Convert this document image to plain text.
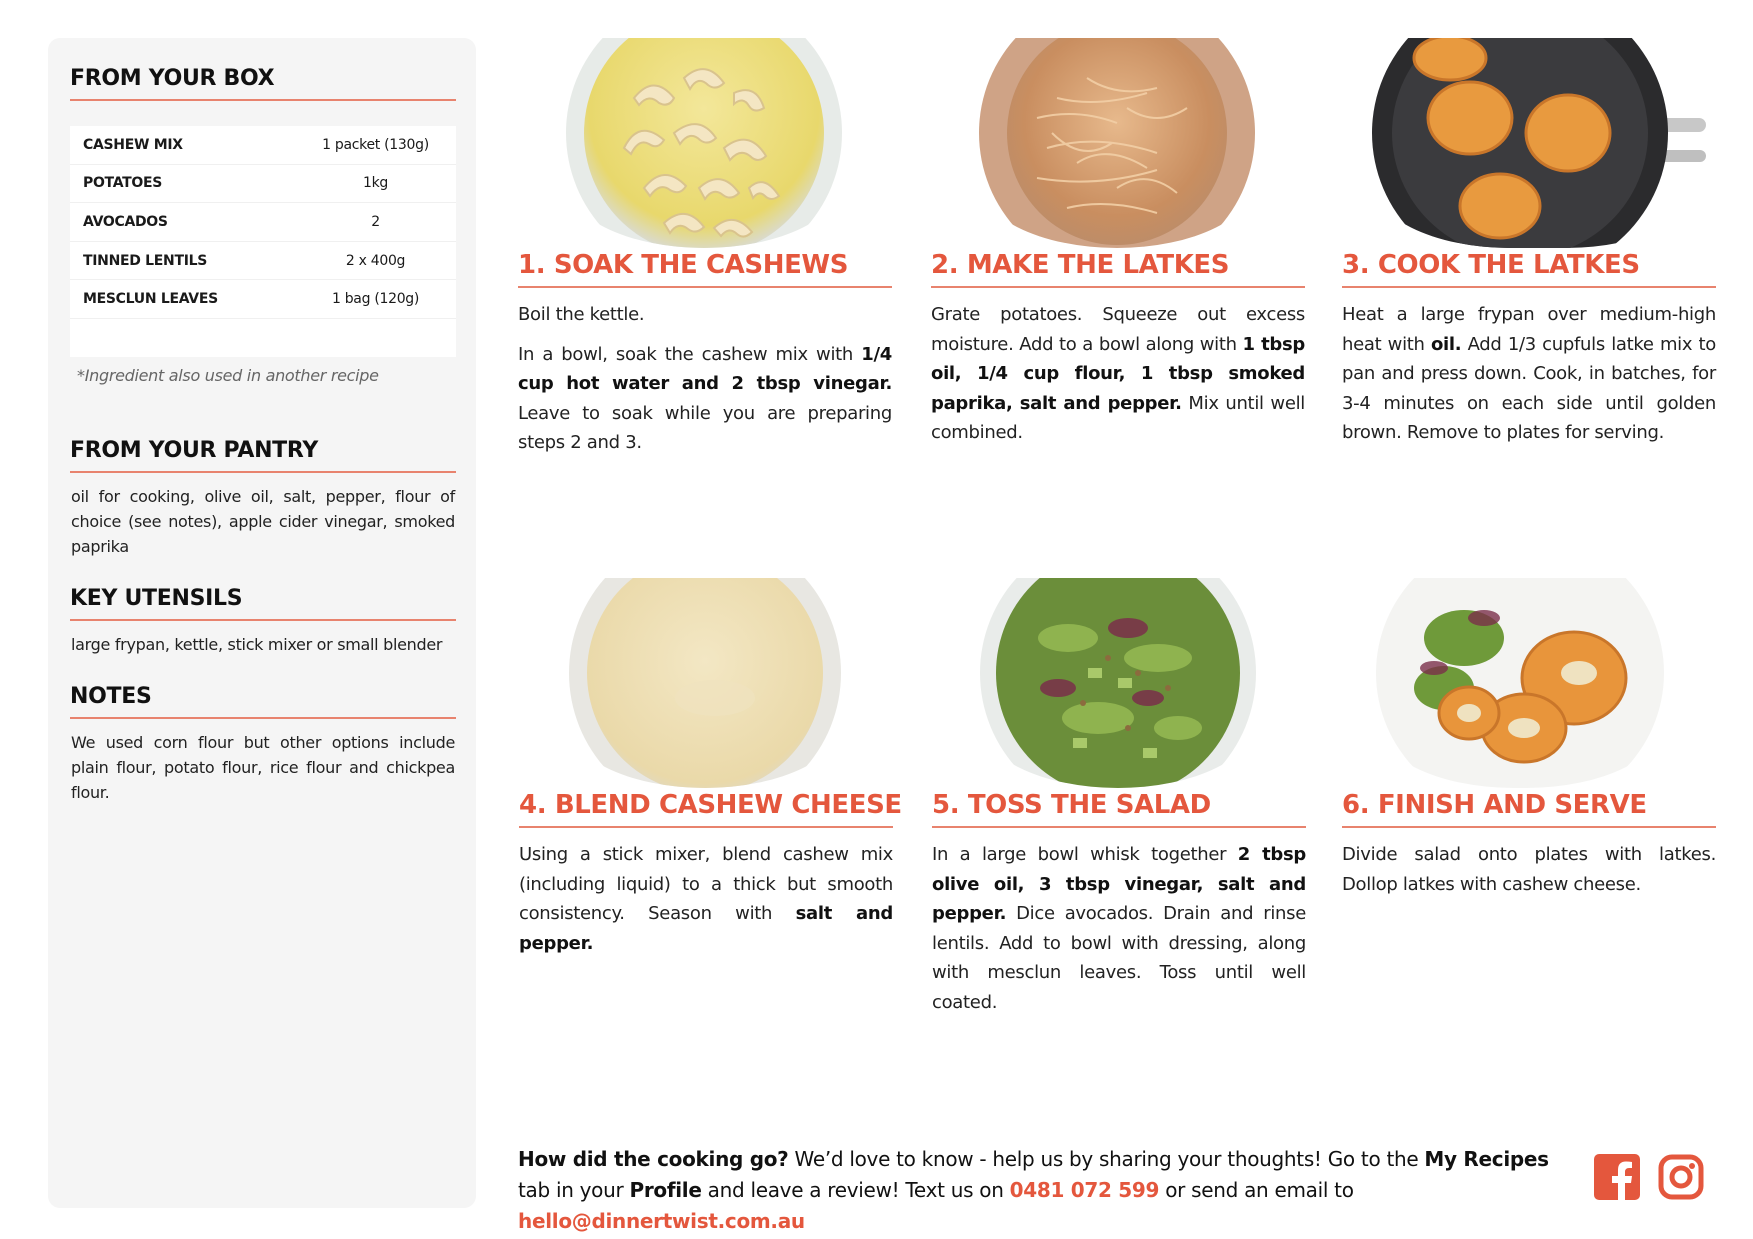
FROM YOUR BOX
CASHEW MIX	1 packet (130g)
POTATOES	1kg
AVOCADOS	2
TINNED LENTILS	2 x 400g
MESCLUN LEAVES	1 bag (120g)
*Ingredient also used in another recipe
FROM YOUR PANTRY
oil for cooking, olive oil, salt, pepper, flour of choice (see notes), apple cider vinegar, smoked paprika
KEY UTENSILS
large frypan, kettle, stick mixer or small blender
NOTES
We used corn flour but other options include plain flour, potato flour, rice flour and chickpea flour.
1. SOAK THE CASHEWS

Boil the kettle.

In a bowl, soak the cashew mix with 1/4 cup hot water and 2 tbsp vinegar. Leave to soak while you are preparing steps 2 and 3.

2. MAKE THE LATKES

Grate potatoes. Squeeze out excess moisture. Add to a bowl along with 1 tbsp oil, 1/4 cup flour, 1 tbsp smoked paprika, salt and pepper. Mix until well combined.

3. COOK THE LATKES

Heat a large frypan over medium-high heat with oil. Add 1/3 cupfuls latke mix to pan and press down. Cook, in batches, for 3-4 minutes on each side until golden brown. Remove to plates for serving.

4. BLEND CASHEW CHEESE

Using a stick mixer, blend cashew mix (including liquid) to a thick but smooth consistency. Season with salt and pepper.

5. TOSS THE SALAD

In a large bowl whisk together 2 tbsp olive oil, 3 tbsp vinegar, salt and pepper. Dice avocados. Drain and rinse lentils. Add to bowl with dressing, along with mesclun leaves. Toss until well coated.

6. FINISH AND SERVE

Divide salad onto plates with latkes. Dollop latkes with cashew cheese.

How did the cooking go? We’d love to know - help us by sharing your thoughts! Go to the My Recipes tab in your Profile and leave a review! Text us on 0481 072 599 or send an email to hello@dinnertwist.com.au
